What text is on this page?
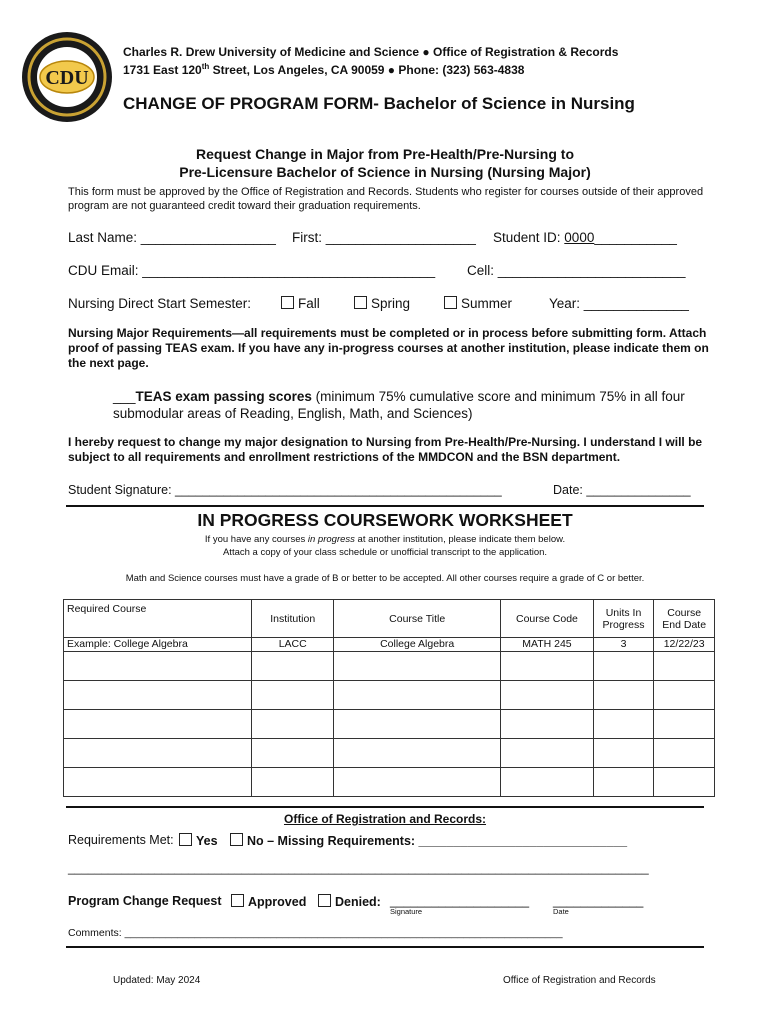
CDU
Charles R. Drew University of Medicine and Science ● Office of Registration & Records
1731 East 120th Street, Los Angeles, CA 90059 ● Phone: (323) 563-4838
CHANGE OF PROGRAM FORM- Bachelor of Science in Nursing
Request Change in Major from Pre-Health/Pre-Nursing to
Pre-Licensure Bachelor of Science in Nursing (Nursing Major)
This form must be approved by the Office of Registration and Records. Students who register for courses outside of their approved program are not guaranteed credit toward their graduation requirements.
Last Name: __________________ First: ____________________ Student ID: 0000___________
CDU Email: _______________________________________ Cell: _________________________
Nursing Direct Start Semester:	Fall	Spring	Summer	Year: ______________
Nursing Major Requirements—all requirements must be completed or in process before submitting form. Attach proof of passing TEAS exam. If you have any in-progress courses at another institution, please indicate them on the next page.
___TEAS exam passing scores (minimum 75% cumulative score and minimum 75% in all four submodular areas of Reading, English, Math, and Sciences)
I hereby request to change my major designation to Nursing from Pre-Health/Pre-Nursing. I understand I will be subject to all requirements and enrollment restrictions of the MMDCON and the BSN department.
Student Signature: _______________________________________________	Date: _______________
IN PROGRESS COURSEWORK WORKSHEET
If you have any courses in progress at another institution, please indicate them below.
Attach a copy of your class schedule or unofficial transcript to the application.
Math and Science courses must have a grade of B or better to be accepted. All other courses require a grade of C or better.
Required Course	Institution	Course Title	Course Code	Units In Progress	Course End Date
Example: College Algebra	LACC	College Algebra	MATH 245	3	12/22/23

Office of Registration and Records:
Requirements Met:	Yes	No – Missing Requirements: ______________________________
_______________________________________________________________________________________
Program Change Request	Approved	Denied: ____________________ _____________
Signature	Date
Comments: ___________________________________________________________________________
Updated: May 2024	Office of Registration and Records
